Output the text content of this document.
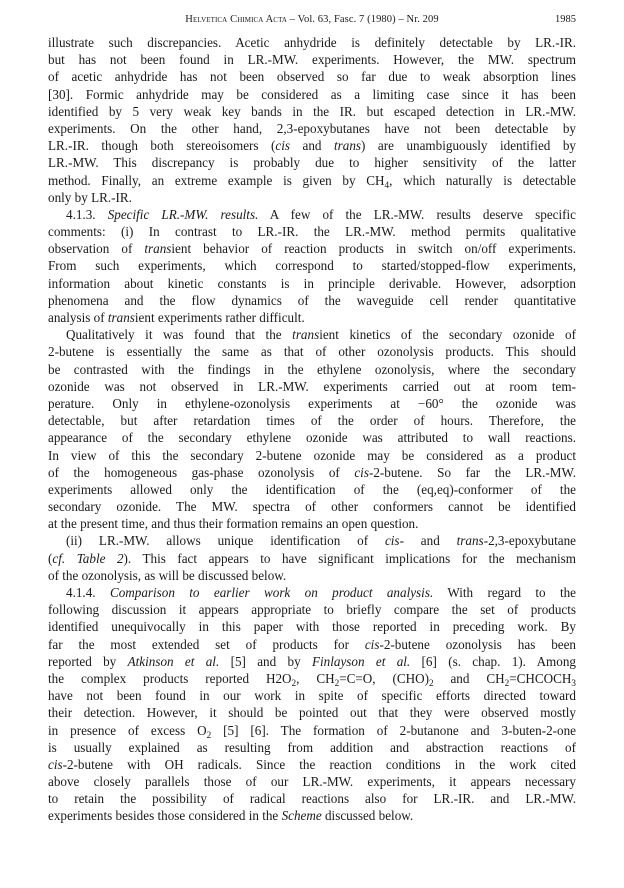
Helvetica Chimica Acta – Vol. 63, Fasc. 7 (1980) – Nr. 209	1985
illustrate such discrepancies. Acetic anhydride is definitely detectable by LR.-IR.
but has not been found in LR.-MW. experiments. However, the MW. spectrum
of acetic anhydride has not been observed so far due to weak absorption lines
[30]. Formic anhydride may be considered as a limiting case since it has been
identified by 5 very weak key bands in the IR. but escaped detection in LR.-MW.
experiments. On the other hand, 2,3-epoxybutanes have not been detectable by
LR.-IR. though both stereoisomers (cis and trans) are unambiguously identified by
LR.-MW. This discrepancy is probably due to higher sensitivity of the latter
method. Finally, an extreme example is given by $CH_4$, which naturally is detectable
only by LR.-IR.
4.1.3. Specific LR.-MW. results. A few of the LR.-MW. results deserve specific
comments: (i) In contrast to LR.-IR. the LR.-MW. method permits qualitative
observation of transient behavior of reaction products in switch on/off experiments.
From such experiments, which correspond to started/stopped-flow experiments,
information about kinetic constants is in principle derivable. However, adsorption
phenomena and the flow dynamics of the waveguide cell render quantitative
analysis of transient experiments rather difficult.
Qualitatively it was found that the transient kinetics of the secondary ozonide of
2-butene is essentially the same as that of other ozonolysis products. This should
be contrasted with the findings in the ethylene ozonolysis, where the secondary
ozonide was not observed in LR.-MW. experiments carried out at room tem-
perature. Only in ethylene-ozonolysis experiments at −60° the ozonide was
detectable, but after retardation times of the order of hours. Therefore, the
appearance of the secondary ethylene ozonide was attributed to wall reactions.
In view of this the secondary 2-butene ozonide may be considered as a product
of the homogeneous gas-phase ozonolysis of cis-2-butene. So far the LR.-MW.
experiments allowed only the identification of the (eq,eq)-conformer of the
secondary ozonide. The MW. spectra of other conformers cannot be identified
at the present time, and thus their formation remains an open question.
(ii) LR.-MW. allows unique identification of cis- and trans-2,3-epoxybutane
(cf. Table 2). This fact appears to have significant implications for the mechanism
of the ozonolysis, as will be discussed below.
4.1.4. Comparison to earlier work on product analysis. With regard to the
following discussion it appears appropriate to briefly compare the set of products
identified unequivocally in this paper with those reported in preceding work. By
far the most extended set of products for cis-2-butene ozonolysis has been
reported by Atkinson et al. [5] and by Finlayson et al. [6] (s. chap. 1). Among
the complex products reported $H2O_2$, $CH_2=C=O$, $(CHO)_2$ and $CH_2=CHCOCH_3$
have not been found in our work in spite of specific efforts directed toward
their detection. However, it should be pointed out that they were observed mostly
in presence of excess $O_2$ [5] [6]. The formation of 2-butanone and 3-buten-2-one
is usually explained as resulting from addition and abstraction reactions of
cis-2-butene with OH radicals. Since the reaction conditions in the work cited
above closely parallels those of our LR.-MW. experiments, it appears necessary
to retain the possibility of radical reactions also for LR.-IR. and LR.-MW.
experiments besides those considered in the Scheme discussed below.
